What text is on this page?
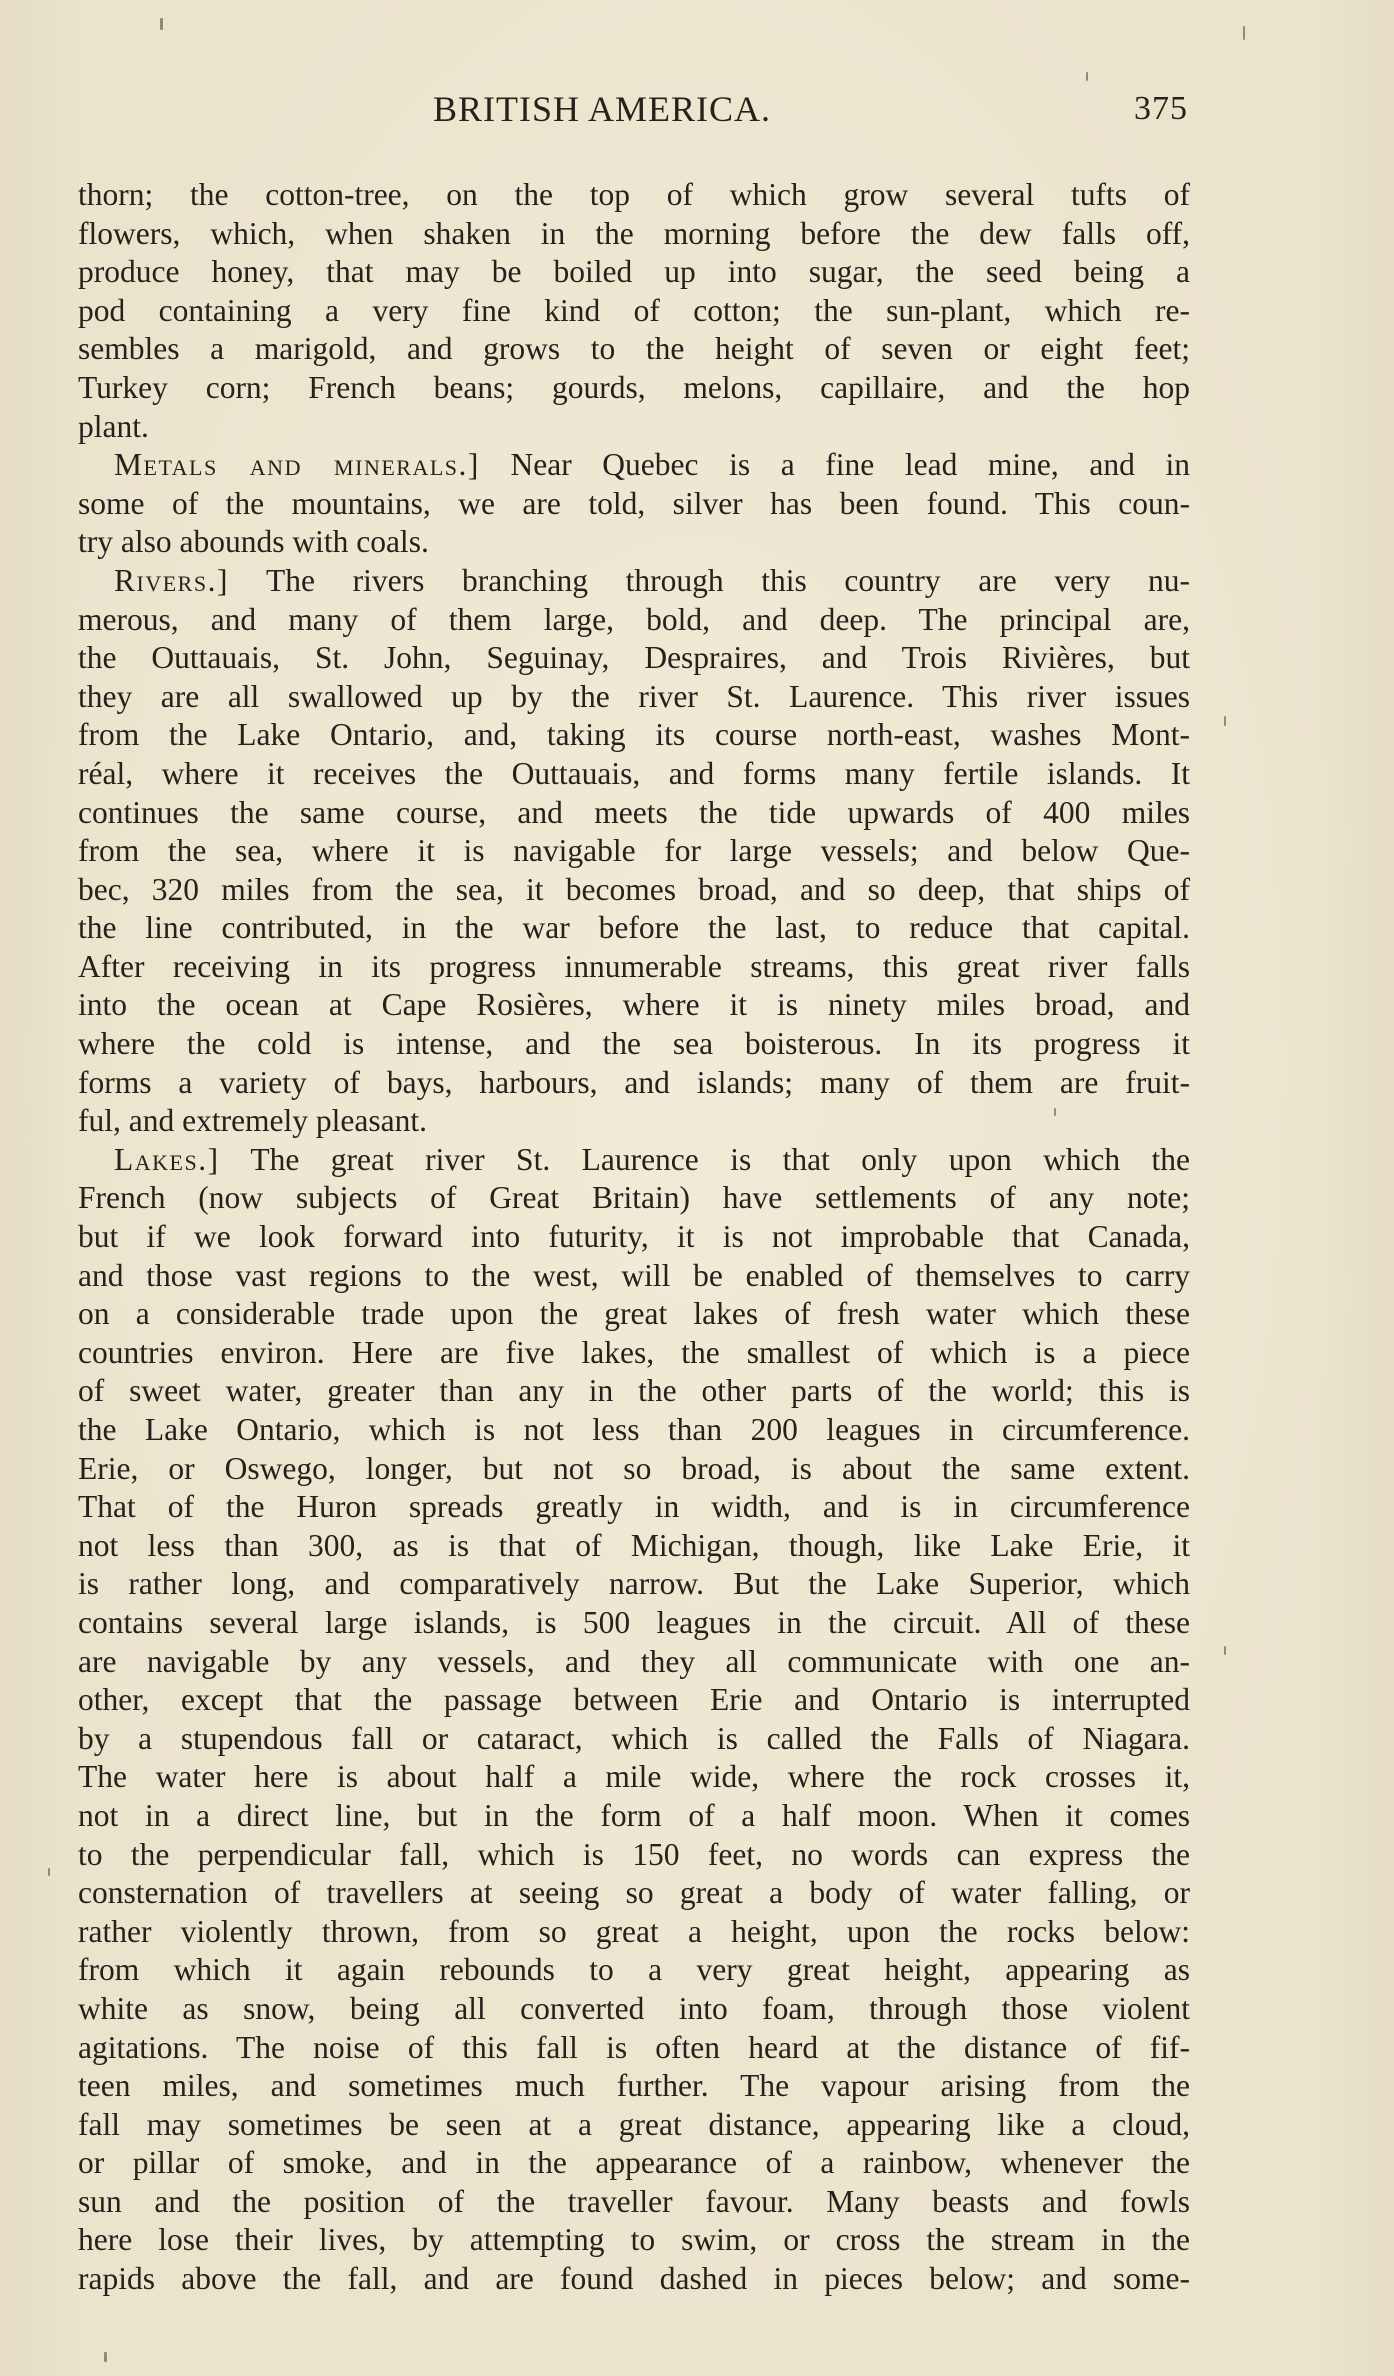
BRITISH AMERICA.	375
thorn; the cotton-tree, on the top of which grow several tufts of
flowers, which, when shaken in the morning before the dew falls off,
produce honey, that may be boiled up into sugar, the seed being a
pod containing a very fine kind of cotton; the sun-plant, which re-
sembles a marigold, and grows to the height of seven or eight feet;
Turkey corn; French beans; gourds, melons, capillaire, and the hop
plant.
Metals and minerals.] Near Quebec is a fine lead mine, and in
some of the mountains, we are told, silver has been found. This coun-
try also abounds with coals.
Rivers.] The rivers branching through this country are very nu-
merous, and many of them large, bold, and deep. The principal are,
the Outtauais, St. John, Seguinay, Despraires, and Trois Rivières, but
they are all swallowed up by the river St. Laurence. This river issues
from the Lake Ontario, and, taking its course north-east, washes Mont-
réal, where it receives the Outtauais, and forms many fertile islands. It
continues the same course, and meets the tide upwards of 400 miles
from the sea, where it is navigable for large vessels; and below Que-
bec, 320 miles from the sea, it becomes broad, and so deep, that ships of
the line contributed, in the war before the last, to reduce that capital.
After receiving in its progress innumerable streams, this great river falls
into the ocean at Cape Rosières, where it is ninety miles broad, and
where the cold is intense, and the sea boisterous. In its progress it
forms a variety of bays, harbours, and islands; many of them are fruit-
ful, and extremely pleasant.
Lakes.] The great river St. Laurence is that only upon which the
French (now subjects of Great Britain) have settlements of any note;
but if we look forward into futurity, it is not improbable that Canada,
and those vast regions to the west, will be enabled of themselves to carry
on a considerable trade upon the great lakes of fresh water which these
countries environ. Here are five lakes, the smallest of which is a piece
of sweet water, greater than any in the other parts of the world; this is
the Lake Ontario, which is not less than 200 leagues in circumference.
Erie, or Oswego, longer, but not so broad, is about the same extent.
That of the Huron spreads greatly in width, and is in circumference
not less than 300, as is that of Michigan, though, like Lake Erie, it
is rather long, and comparatively narrow. But the Lake Superior, which
contains several large islands, is 500 leagues in the circuit. All of these
are navigable by any vessels, and they all communicate with one an-
other, except that the passage between Erie and Ontario is interrupted
by a stupendous fall or cataract, which is called the Falls of Niagara.
The water here is about half a mile wide, where the rock crosses it,
not in a direct line, but in the form of a half moon. When it comes
to the perpendicular fall, which is 150 feet, no words can express the
consternation of travellers at seeing so great a body of water falling, or
rather violently thrown, from so great a height, upon the rocks below:
from which it again rebounds to a very great height, appearing as
white as snow, being all converted into foam, through those violent
agitations. The noise of this fall is often heard at the distance of fif-
teen miles, and sometimes much further. The vapour arising from the
fall may sometimes be seen at a great distance, appearing like a cloud,
or pillar of smoke, and in the appearance of a rainbow, whenever the
sun and the position of the traveller favour. Many beasts and fowls
here lose their lives, by attempting to swim, or cross the stream in the
rapids above the fall, and are found dashed in pieces below; and some-
